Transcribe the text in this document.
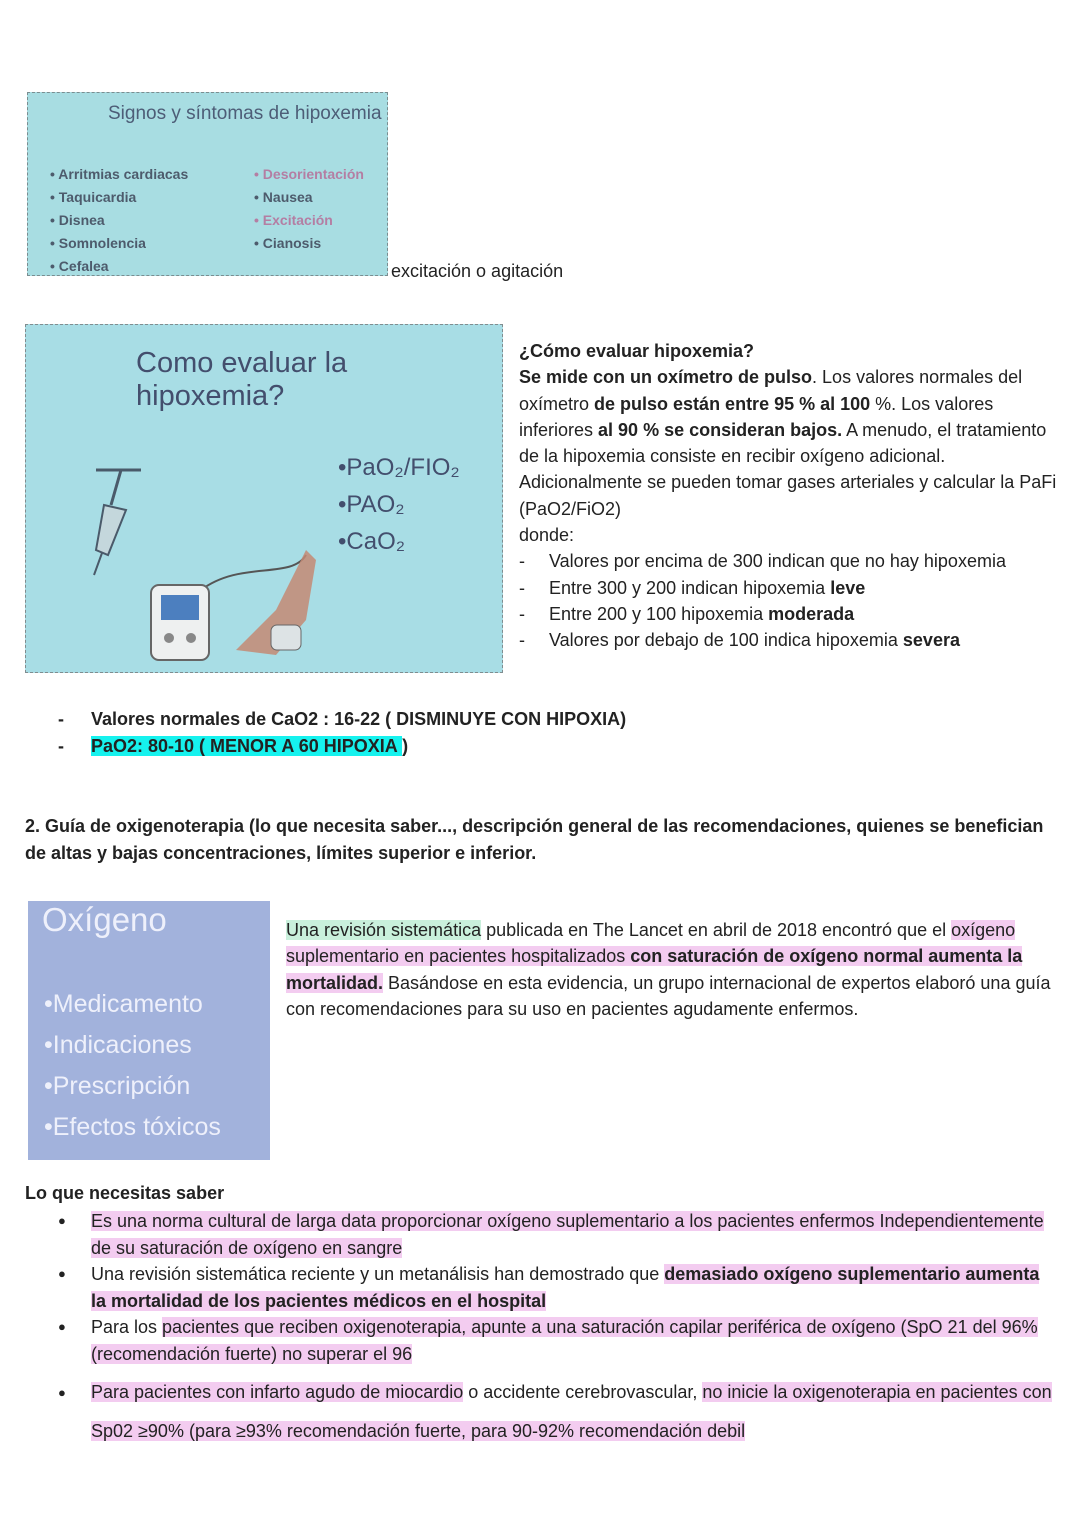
Signos y síntomas de hipoxemia
• Arritmias cardiacas
• Taquicardia
• Disnea
• Somnolencia
• Cefalea
• Desorientación
• Nausea
• Excitación
• Cianosis
excitación o agitación
Como evaluar la hipoxemia?
•PaO₂/FIO₂
•PAO₂
•CaO₂

¿Cómo evaluar hipoxemia?

Se mide con un oxímetro de pulso. Los valores normales del oxímetro de pulso están entre 95 % al 100 %. Los valores inferiores al 90 % se consideran bajos. A menudo, el tratamiento de la hipoxemia consiste en recibir oxígeno adicional.

Adicionalmente se pueden tomar gases arteriales y calcular la PaFi (PaO2/FiO2)

donde:

- Valores por encima de 300 indican que no hay hipoxemia
- Entre 300 y 200 indican hipoxemia leve
- Entre 200 y 100 hipoxemia moderada
- Valores por debajo de 100 indica hipoxemia severa
- Valores normales de CaO2 : 16-22 ( DISMINUYE CON HIPOXIA)
- PaO2: 80-10 ( MENOR A 60 HIPOXIA )
2. Guía de oxigenoterapia (lo que necesita saber..., descripción general de las recomendaciones, quienes se benefician de altas y bajas concentraciones, límites superior e inferior.
Oxígeno
•Medicamento
•Indicaciones
•Prescripción
•Efectos tóxicos
Una revisión sistemática publicada en The Lancet en abril de 2018 encontró que el oxígeno suplementario en pacientes hospitalizados con saturación de oxígeno normal aumenta la mortalidad. Basándose en esta evidencia, un grupo internacional de expertos elaboró una guía con recomendaciones para su uso en pacientes agudamente enfermos.
Lo que necesitas saber
● Es una norma cultural de larga data proporcionar oxígeno suplementario a los pacientes enfermos Independientemente de su saturación de oxígeno en sangre
● Una revisión sistemática reciente y un metanálisis han demostrado que demasiado oxígeno suplementario aumenta la mortalidad de los pacientes médicos en el hospital
● Para los pacientes que reciben oxigenoterapia, apunte a una saturación capilar periférica de oxígeno (SpO 21 del 96% (recomendación fuerte) no superar el 96
● Para pacientes con infarto agudo de miocardio o accidente cerebrovascular, no inicie la oxigenoterapia en pacientes con Sp02 ≥90% (para ≥93% recomendación fuerte, para 90-92% recomendación debil
